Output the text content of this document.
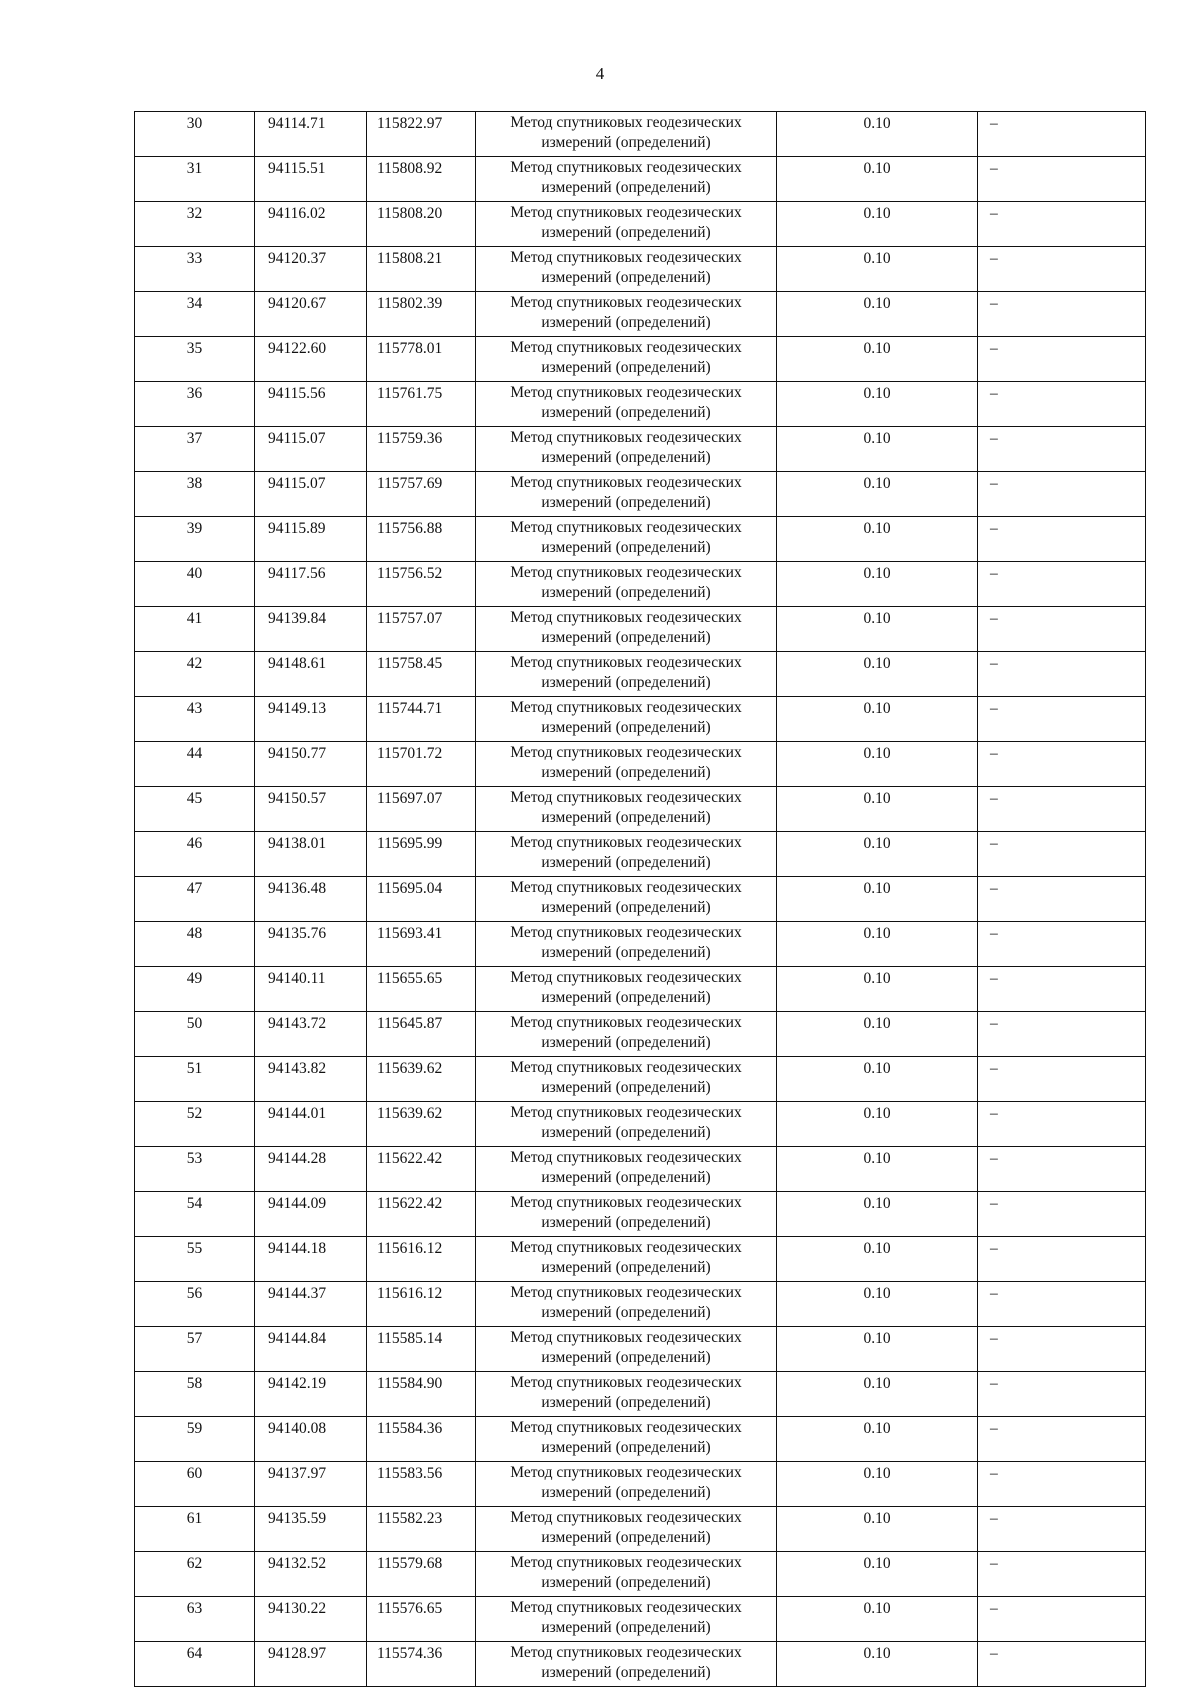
4
30	94114.71	115822.97	Метод спутниковых геодезических измерений (определений)	0.10	–
31	94115.51	115808.92	Метод спутниковых геодезических измерений (определений)	0.10	–
32	94116.02	115808.20	Метод спутниковых геодезических измерений (определений)	0.10	–
33	94120.37	115808.21	Метод спутниковых геодезических измерений (определений)	0.10	–
34	94120.67	115802.39	Метод спутниковых геодезических измерений (определений)	0.10	–
35	94122.60	115778.01	Метод спутниковых геодезических измерений (определений)	0.10	–
36	94115.56	115761.75	Метод спутниковых геодезических измерений (определений)	0.10	–
37	94115.07	115759.36	Метод спутниковых геодезических измерений (определений)	0.10	–
38	94115.07	115757.69	Метод спутниковых геодезических измерений (определений)	0.10	–
39	94115.89	115756.88	Метод спутниковых геодезических измерений (определений)	0.10	–
40	94117.56	115756.52	Метод спутниковых геодезических измерений (определений)	0.10	–
41	94139.84	115757.07	Метод спутниковых геодезических измерений (определений)	0.10	–
42	94148.61	115758.45	Метод спутниковых геодезических измерений (определений)	0.10	–
43	94149.13	115744.71	Метод спутниковых геодезических измерений (определений)	0.10	–
44	94150.77	115701.72	Метод спутниковых геодезических измерений (определений)	0.10	–
45	94150.57	115697.07	Метод спутниковых геодезических измерений (определений)	0.10	–
46	94138.01	115695.99	Метод спутниковых геодезических измерений (определений)	0.10	–
47	94136.48	115695.04	Метод спутниковых геодезических измерений (определений)	0.10	–
48	94135.76	115693.41	Метод спутниковых геодезических измерений (определений)	0.10	–
49	94140.11	115655.65	Метод спутниковых геодезических измерений (определений)	0.10	–
50	94143.72	115645.87	Метод спутниковых геодезических измерений (определений)	0.10	–
51	94143.82	115639.62	Метод спутниковых геодезических измерений (определений)	0.10	–
52	94144.01	115639.62	Метод спутниковых геодезических измерений (определений)	0.10	–
53	94144.28	115622.42	Метод спутниковых геодезических измерений (определений)	0.10	–
54	94144.09	115622.42	Метод спутниковых геодезических измерений (определений)	0.10	–
55	94144.18	115616.12	Метод спутниковых геодезических измерений (определений)	0.10	–
56	94144.37	115616.12	Метод спутниковых геодезических измерений (определений)	0.10	–
57	94144.84	115585.14	Метод спутниковых геодезических измерений (определений)	0.10	–
58	94142.19	115584.90	Метод спутниковых геодезических измерений (определений)	0.10	–
59	94140.08	115584.36	Метод спутниковых геодезических измерений (определений)	0.10	–
60	94137.97	115583.56	Метод спутниковых геодезических измерений (определений)	0.10	–
61	94135.59	115582.23	Метод спутниковых геодезических измерений (определений)	0.10	–
62	94132.52	115579.68	Метод спутниковых геодезических измерений (определений)	0.10	–
63	94130.22	115576.65	Метод спутниковых геодезических измерений (определений)	0.10	–
64	94128.97	115574.36	Метод спутниковых геодезических измерений (определений)	0.10	–
